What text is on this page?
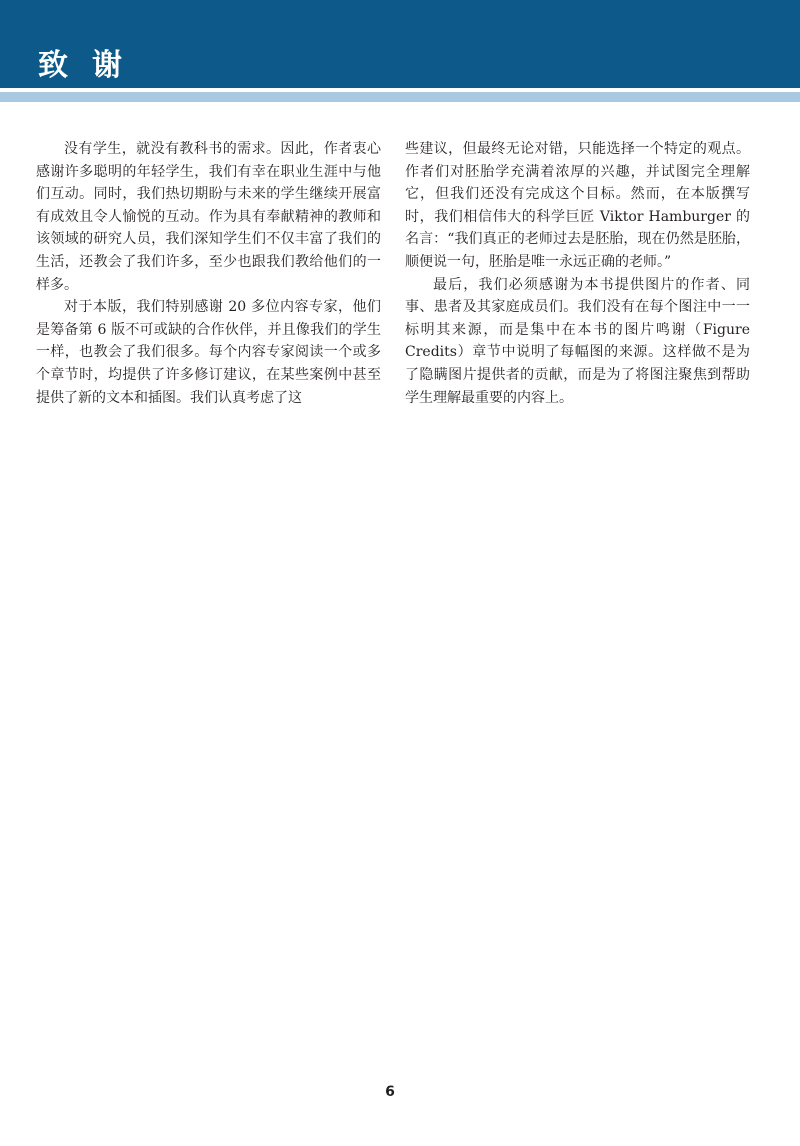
致谢

没有学生，就没有教科书的需求。因此，作者衷心感谢许多聪明的年轻学生，我们有幸在职业生涯中与他们互动。同时，我们热切期盼与未来的学生继续开展富有成效且令人愉悦的互动。作为具有奉献精神的教师和该领域的研究人员，我们深知学生们不仅丰富了我们的生活，还教会了我们许多，至少也跟我们教给他们的一样多。

对于本版，我们特别感谢 20 多位内容专家，他们是筹备第 6 版不可或缺的合作伙伴，并且像我们的学生一样，也教会了我们很多。每个内容专家阅读一个或多个章节时，均提供了许多修订建议，在某些案例中甚至提供了新的文本和插图。我们认真考虑了这

些建议，但最终无论对错，只能选择一个特定的观点。作者们对胚胎学充满着浓厚的兴趣，并试图完全理解它，但我们还没有完成这个目标。然而，在本版撰写时，我们相信伟大的科学巨匠 Viktor Hamburger 的名言：“我们真正的老师过去是胚胎，现在仍然是胚胎，顺便说一句，胚胎是唯一永远正确的老师。”

最后，我们必须感谢为本书提供图片的作者、同事、患者及其家庭成员们。我们没有在每个图注中一一标明其来源，而是集中在本书的图片鸣谢（Figure Credits）章节中说明了每幅图的来源。这样做不是为了隐瞒图片提供者的贡献，而是为了将图注聚焦到帮助学生理解最重要的内容上。

6
